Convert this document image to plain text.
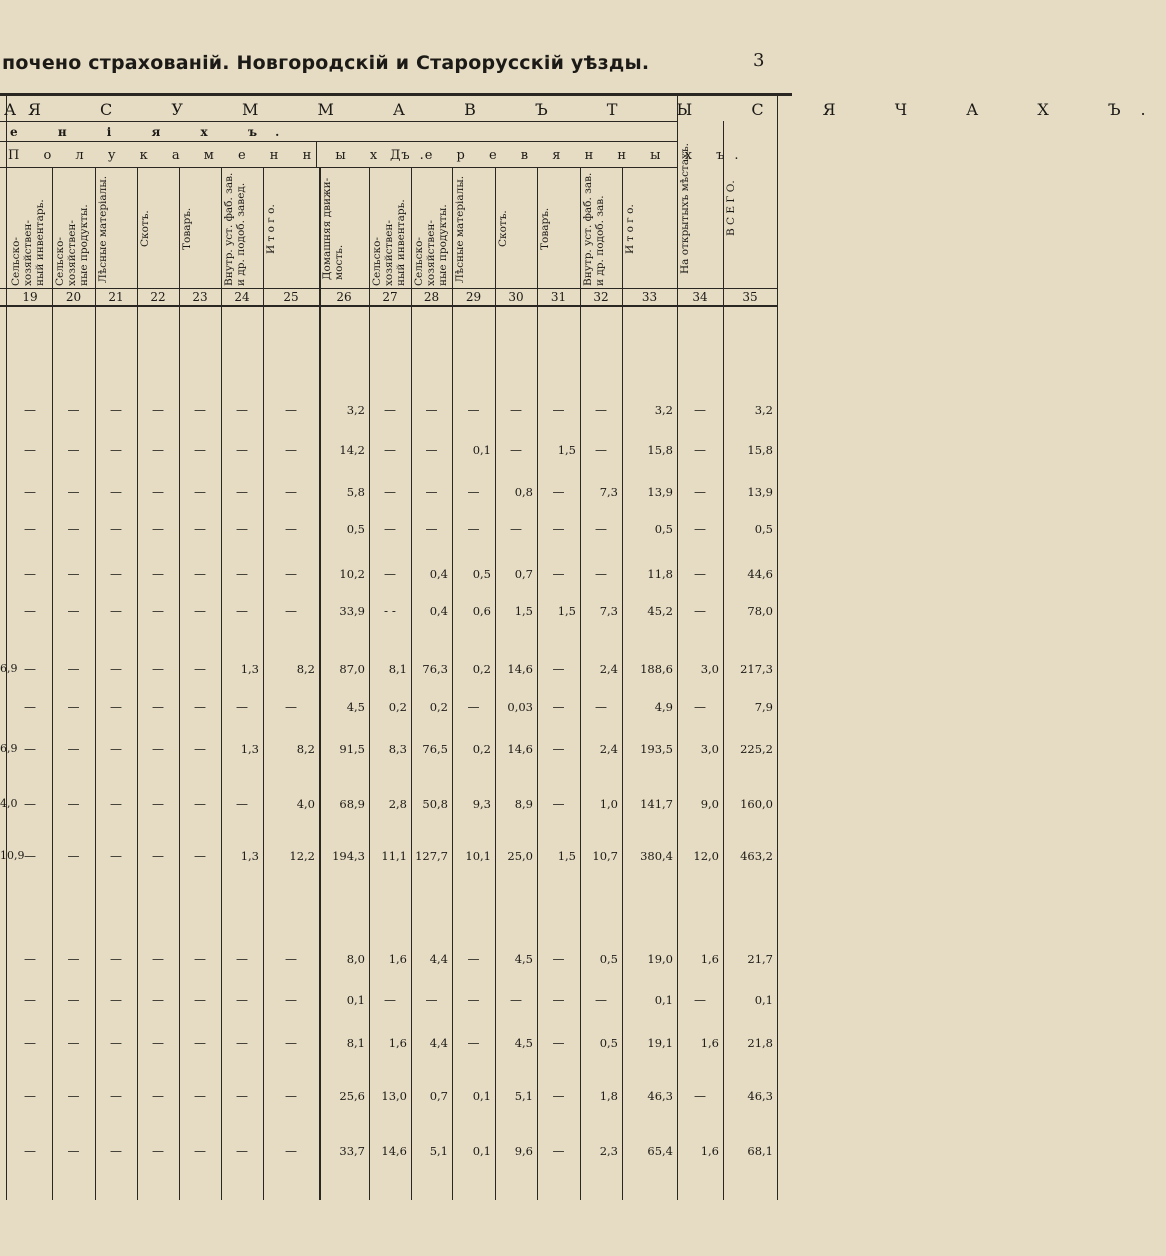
почено страхованій. Новгородскій и Старорусскій уѣзды.	3
А Я С У М М А В Ъ Т Ы С Я Ч А Х Ъ.
е н і я х ъ.
П о л у к а м е н н ы х ъ.
Д е р е в я н н ы х ъ.
Сельско-хозяйствен-
ный инвентарь.
19
Сельско-хозяйствен-
ные продукты.
20
Лѣсные матеріалы.
21
Скотъ.
22
Товаръ.
23
Внутр. уст. фаб. зав.
и др. подоб. завед.
24
И т о г о.
25
Домашняя движи-
мость.
26
Сельско-хозяйствен-
ный инвентарь.
27
Сельско-хозяйствен-
ные продукты.
28
Лѣсные матеріалы.
29
Скотъ.
30
Товаръ.
31
Внутр. уст. фаб. зав.
и др. подоб. зав.
32
И т о г о.
33
На открытыхъ мѣстахъ.
34
В С Е Г О.
35
—	—	—	—	—	—	—	3,2	—	—	—	—	—	—	3,2	—	3,2
—	—	—	—	—	—	—	14,2	—	—	0,1	—	1,5	—	15,8	—	15,8
—	—	—	—	—	—	—	5,8	—	—	—	0,8	—	7,3	13,9	—	13,9
—	—	—	—	—	—	—	0,5	—	—	—	—	—	—	0,5	—	0,5
—	—	—	—	—	—	—	10,2	—	0,4	0,5	0,7	—	—	11,8	—	44,6
—	—	—	—	—	—	—	33,9	- -	0,4	0,6	1,5	1,5	7,3	45,2	—	78,0
6,9 —	—	—	—	—	1,3	8,2	87,0	8,1	76,3	0,2	14,6	—	2,4	188,6	3,0	217,3
—	—	—	—	—	—	—	4,5	0,2	0,2	—	0,03	—	—	4,9	—	7,9
6,9 —	—	—	—	—	1,3	8,2	91,5	8,3	76,5	0,2	14,6	—	2,4	193,5	3,0	225,2
4,0 —	—	—	—	—	—	4,0	68,9	2,8	50,8	9,3	8,9	—	1,0	141,7	9,0	160,0
10,9 —	—	—	—	—	1,3	12,2	194,3	11,1 127,7	10,1	25,0	1,5	10,7	380,4	12,0	463,2
—	—	—	—	—	—	—	8,0	1,6	4,4	—	4,5	—	0,5	19,0	1,6	21,7
—	—	—	—	—	—	—	0,1	—	—	—	—	—	—	0,1	—	0,1
—	—	—	—	—	—	—	8,1	1,6	4,4	—	4,5	—	0,5	19,1	1,6	21,8
—	—	—	—	—	—	—	25,6	13,0	0,7	0,1	5,1	—	1,8	46,3	—	46,3
—	—	—	—	—	—	—	33,7	14,6	5,1	0,1	9,6	—	2,3	65,4	1,6	68,1
